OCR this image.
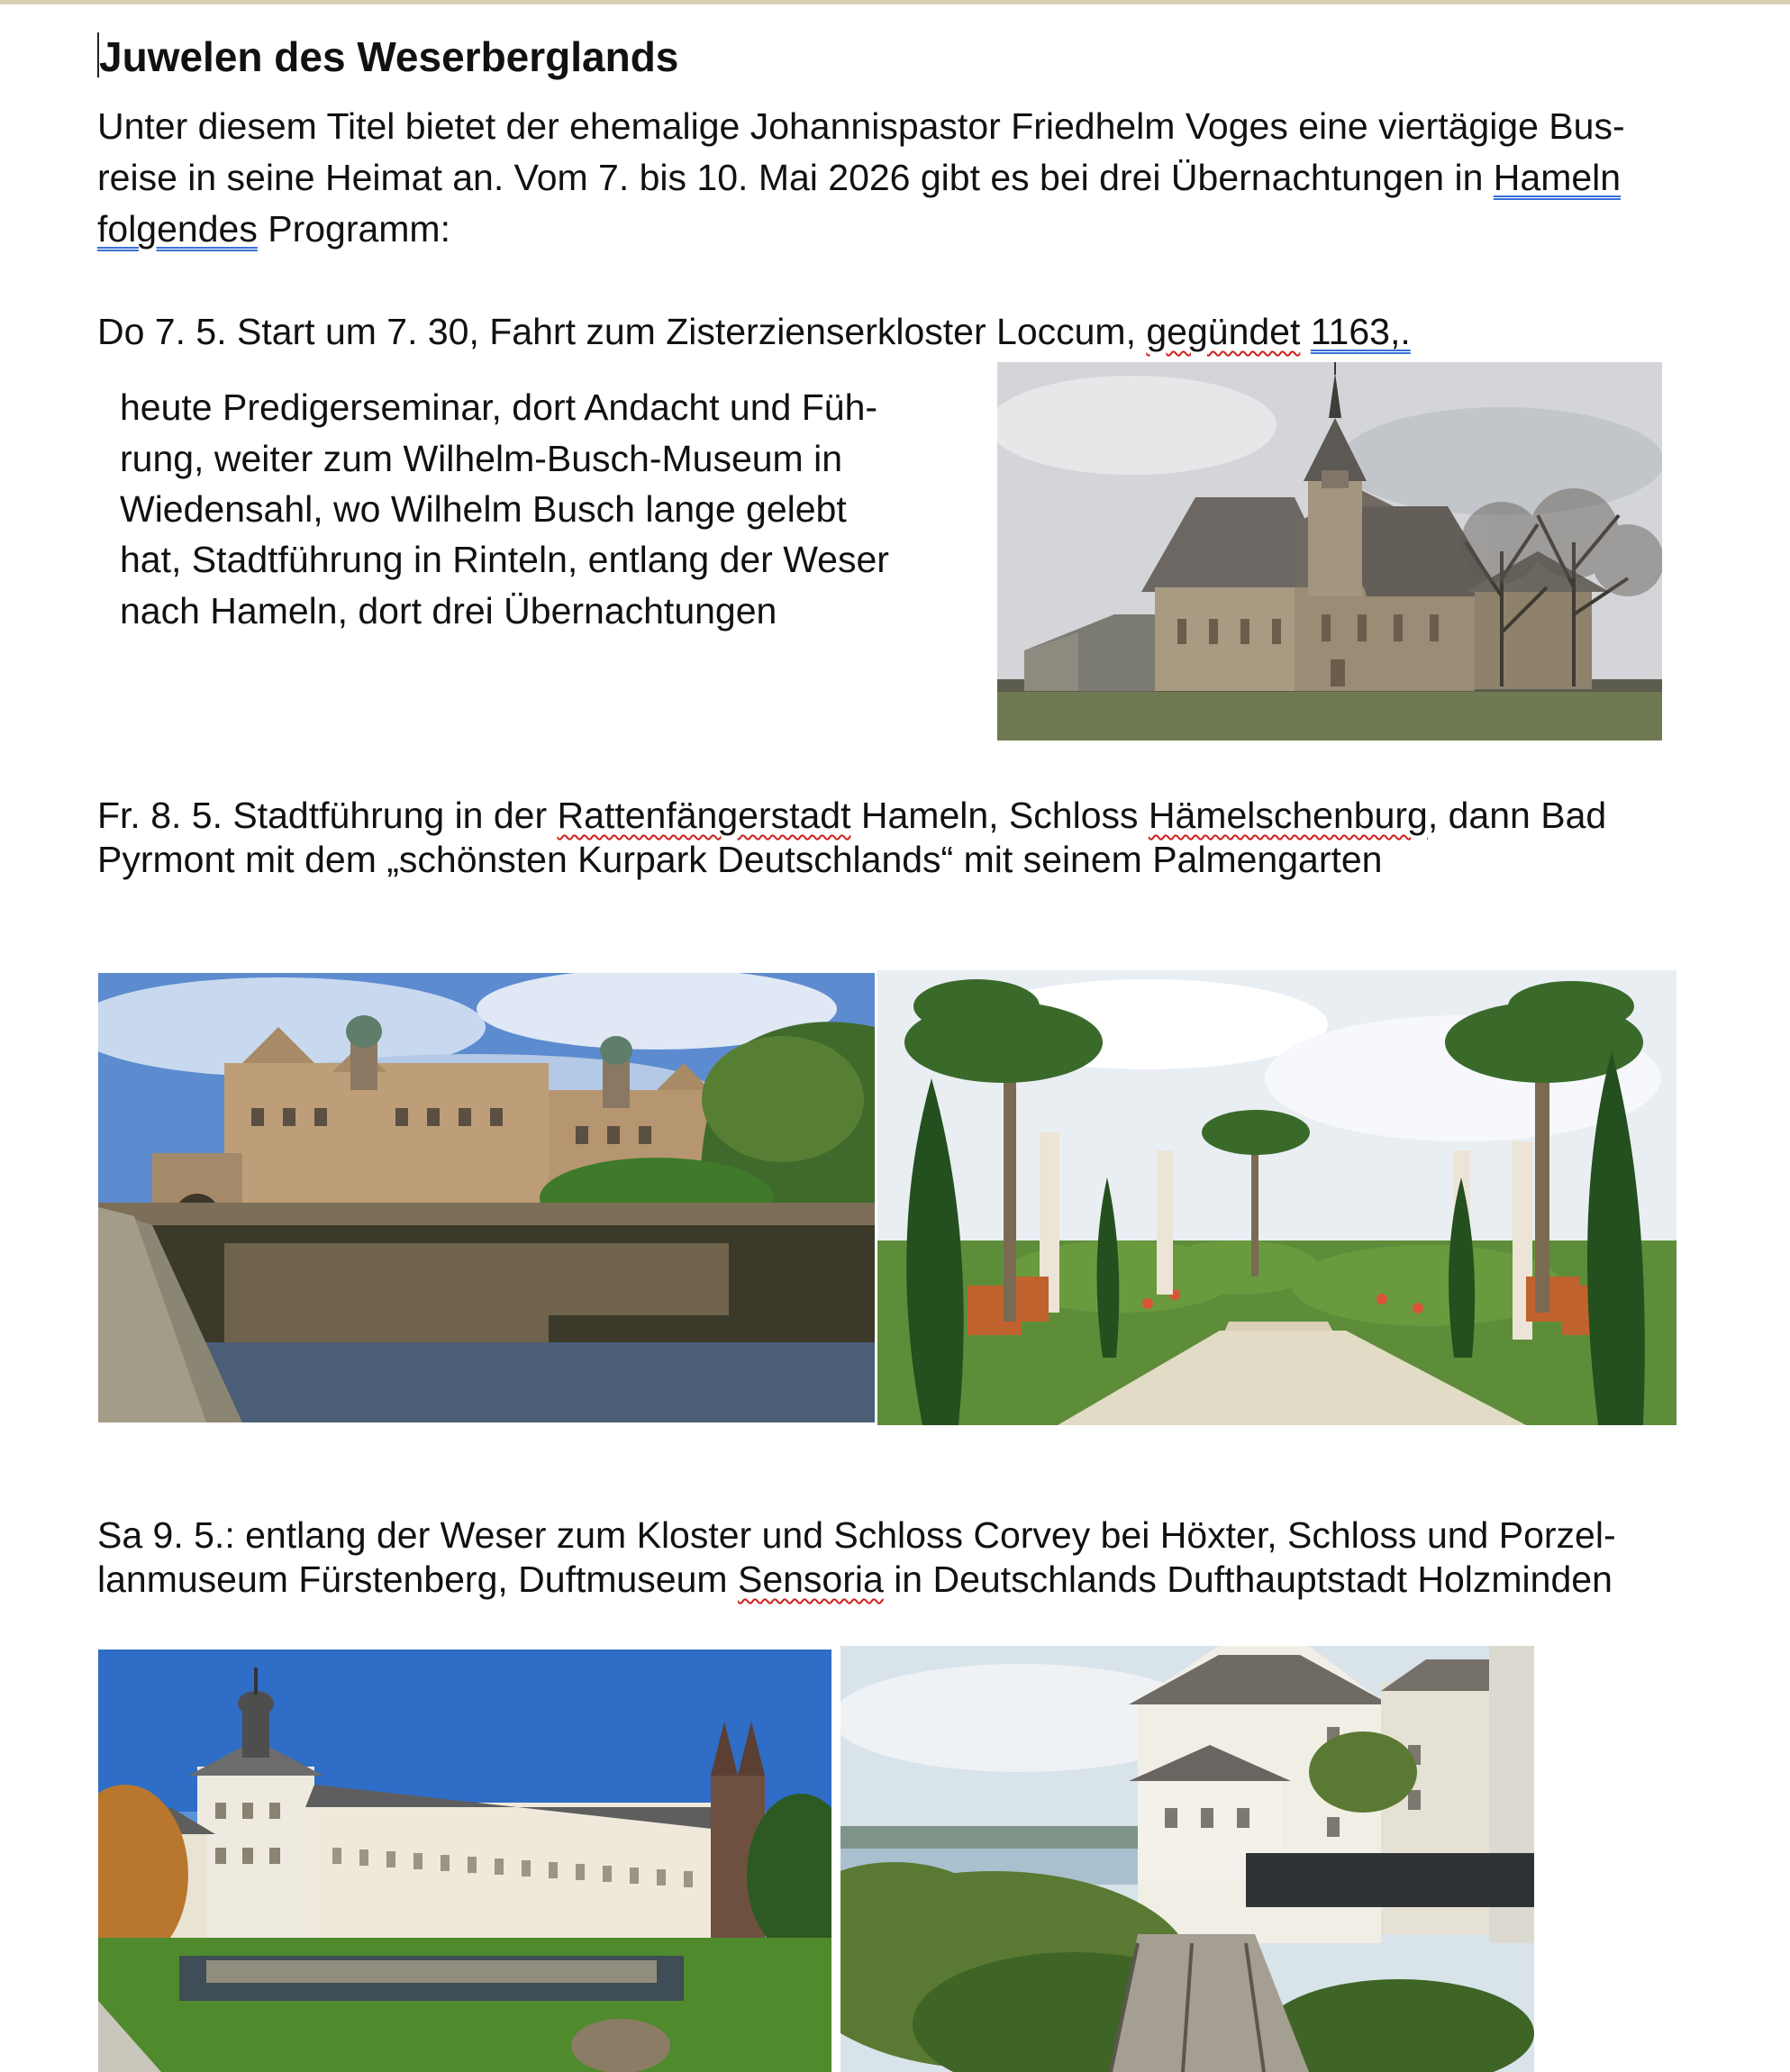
Juwelen des Weserberglands
Unter diesem Titel bietet der ehemalige Johannispastor Friedhelm Voges eine viertägige Bus-
reise in seine Heimat an. Vom 7. bis 10. Mai 2026 gibt es bei drei Übernachtungen in Hameln
folgendes Programm:
Do 7. 5. Start um 7. 30, Fahrt zum Zisterzienserkloster Loccum, gegündet 1163,.
heute Predigerseminar, dort Andacht und Füh-
rung, weiter zum Wilhelm-Busch-Museum in
Wiedensahl, wo Wilhelm Busch lange gelebt
hat, Stadtführung in Rinteln, entlang der Weser
nach Hameln, dort drei Übernachtungen
Fr. 8. 5. Stadtführung in der Rattenfängerstadt Hameln, Schloss Hämelschenburg, dann Bad
Pyrmont mit dem „schönsten Kurpark Deutschlands“ mit seinem Palmengarten
Sa 9. 5.: entlang der Weser zum Kloster und Schloss Corvey bei Höxter, Schloss und Porzel-
lanmuseum Fürstenberg, Duftmuseum Sensoria in Deutschlands Dufthauptstadt Holzminden
